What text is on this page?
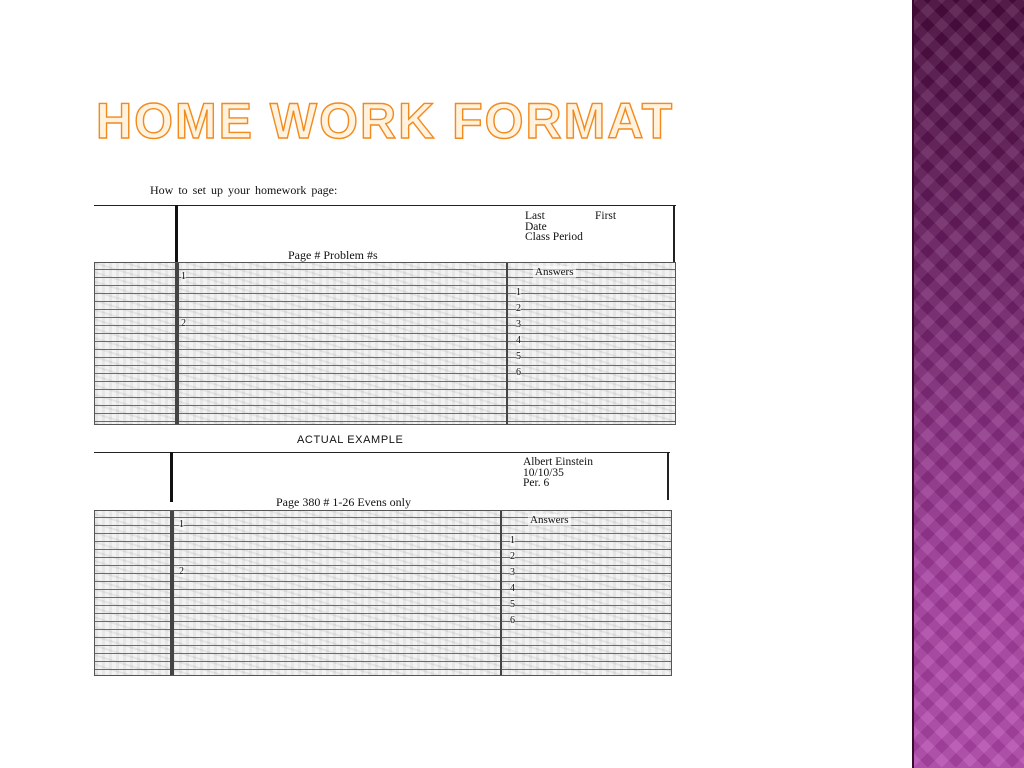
HOME WORK FORMAT
How to set up your homework page:
Last	First
Date
Class Period
Page # Problem #s
Answers
1
2
1
2
3
4
5
6
ACTUAL EXAMPLE
Albert Einstein
10/10/35
Per. 6
Page 380 # 1-26 Evens only
Answers
1
2
1
2
3
4
5
6
